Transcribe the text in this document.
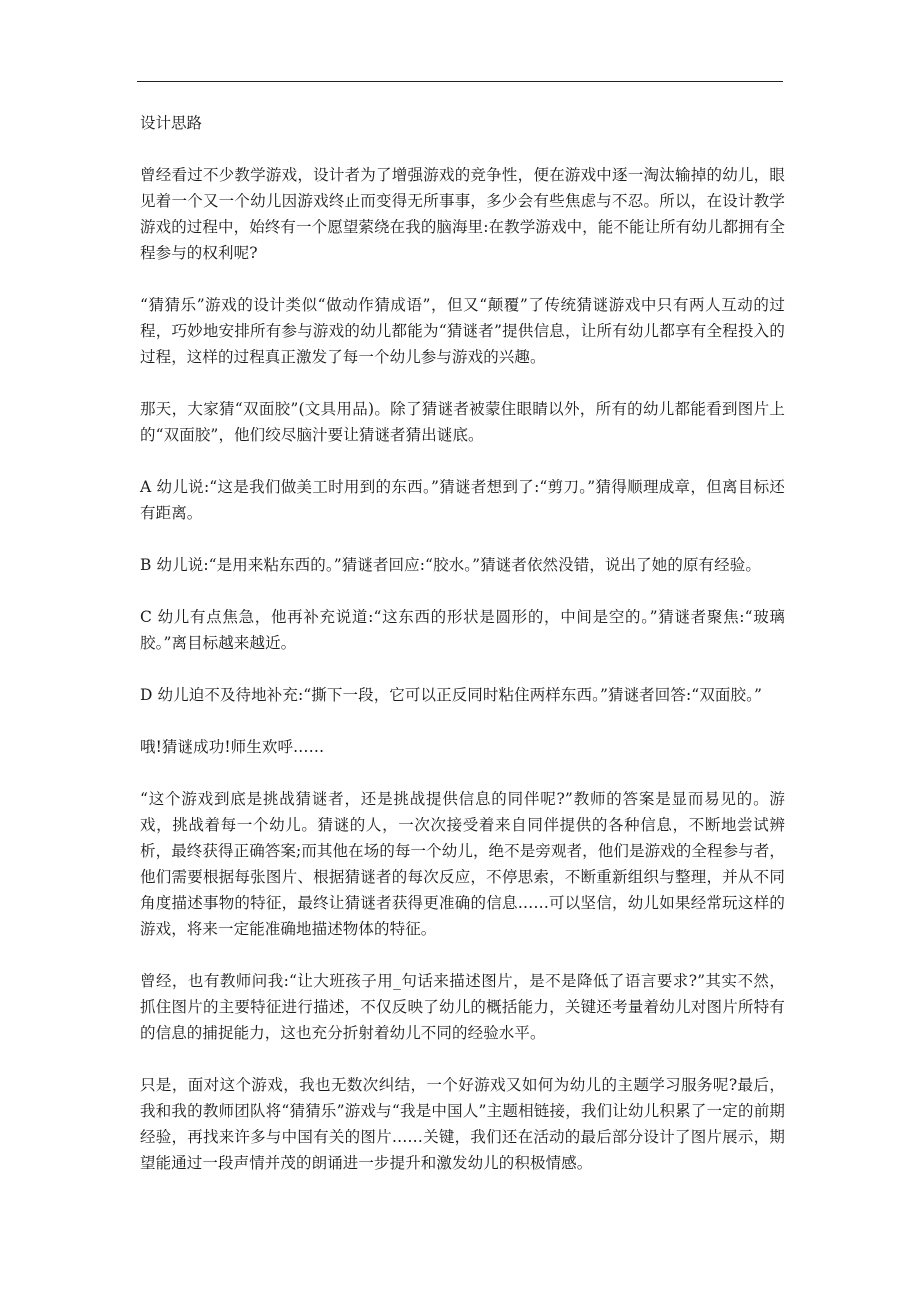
设计思路

曾经看过不少教学游戏，设计者为了增强游戏的竞争性，便在游戏中逐一淘汰输掉的幼儿，眼见着一个又一个幼儿因游戏终止而变得无所事事，多少会有些焦虑与不忍。所以，在设计教学游戏的过程中，始终有一个愿望萦绕在我的脑海里:在教学游戏中，能不能让所有幼儿都拥有全程参与的权利呢?

“猜猜乐”游戏的设计类似“做动作猜成语”，但又“颠覆”了传统猜谜游戏中只有两人互动的过程，巧妙地安排所有参与游戏的幼儿都能为“猜谜者”提供信息，让所有幼儿都享有全程投入的过程，这样的过程真正激发了每一个幼儿参与游戏的兴趣。

那天，大家猜“双面胶”(文具用品)。除了猜谜者被蒙住眼睛以外，所有的幼儿都能看到图片上的“双面胶”，他们绞尽脑汁要让猜谜者猜出谜底。

A 幼儿说:“这是我们做美工时用到的东西。”猜谜者想到了:“剪刀。”猜得顺理成章，但离目标还有距离。

B 幼儿说:“是用来粘东西的。”猜谜者回应:“胶水。”猜谜者依然没错，说出了她的原有经验。

C 幼儿有点焦急，他再补充说道:“这东西的形状是圆形的，中间是空的。”猜谜者聚焦:“玻璃胶。”离目标越来越近。

D 幼儿迫不及待地补充:“撕下一段，它可以正反同时粘住两样东西。”猜谜者回答:“双面胶。”

哦!猜谜成功!师生欢呼……

“这个游戏到底是挑战猜谜者，还是挑战提供信息的同伴呢?”教师的答案是显而易见的。游戏，挑战着每一个幼儿。猜谜的人，一次次接受着来自同伴提供的各种信息，不断地尝试辨析，最终获得正确答案;而其他在场的每一个幼儿，绝不是旁观者，他们是游戏的全程参与者，他们需要根据每张图片、根据猜谜者的每次反应，不停思索，不断重新组织与整理，并从不同角度描述事物的特征，最终让猜谜者获得更准确的信息……可以坚信，幼儿如果经常玩这样的游戏，将来一定能准确地描述物体的特征。

曾经，也有教师问我:“让大班孩子用_句话来描述图片，是不是降低了语言要求?”其实不然，抓住图片的主要特征进行描述，不仅反映了幼儿的概括能力，关键还考量着幼儿对图片所特有的信息的捕捉能力，这也充分折射着幼儿不同的经验水平。

只是，面对这个游戏，我也无数次纠结，一个好游戏又如何为幼儿的主题学习服务呢?最后，我和我的教师团队将“猜猜乐”游戏与“我是中国人”主题相链接，我们让幼儿积累了一定的前期经验，再找来许多与中国有关的图片……关键，我们还在活动的最后部分设计了图片展示，期望能通过一段声情并茂的朗诵进一步提升和激发幼儿的积极情感。
